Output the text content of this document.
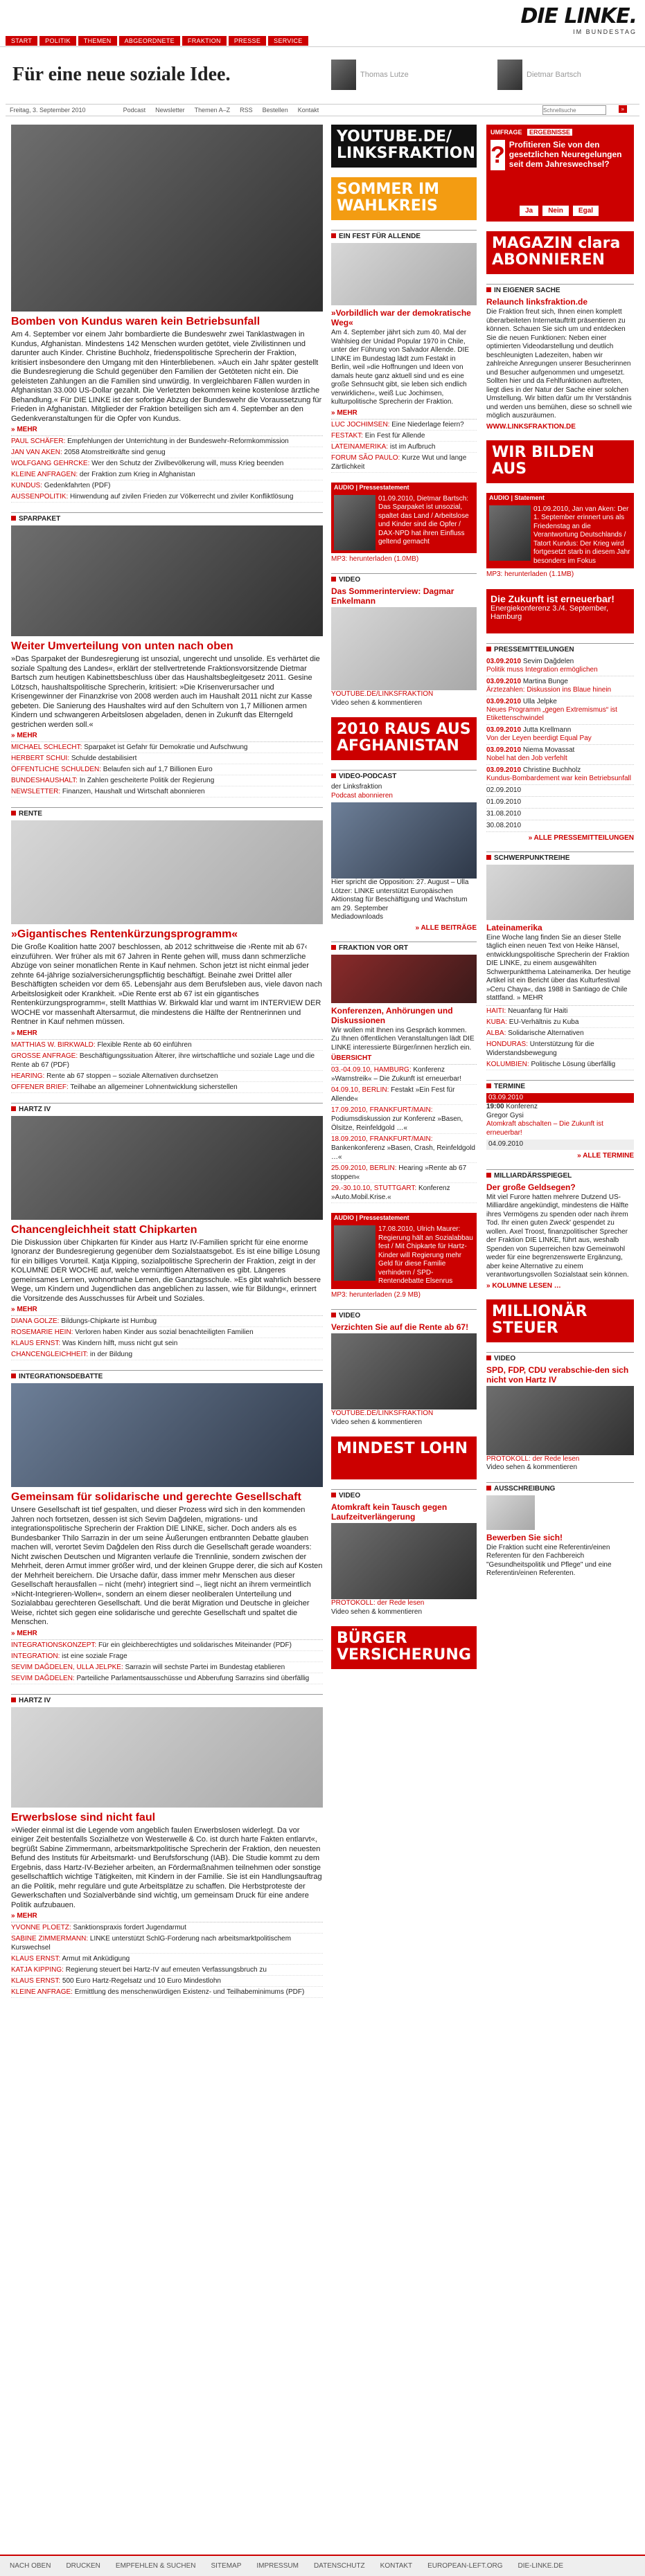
START	POLITIK	THEMEN	ABGEORDNETE	FRAKTION	PRESSE	SERVICE
DIE LINKE.
IM BUNDESTAG
Für eine neue soziale Idee.	Thomas Lutze	Dietmar Bartsch
Freitag, 3. September 2010	Podcast Newsletter Themen A–Z RSS Bestellen Kontakt
Schnellsuche	»
Bomben von Kundus waren kein Betriebsunfall
Am 4. September vor einem Jahr bombardierte die Bundeswehr zwei Tanklastwagen in Kundus, Afghanistan. Mindestens 142 Menschen wurden getötet, viele Zivilistinnen und darunter auch Kinder. Christine Buchholz, friedenspolitische Sprecherin der Fraktion, kritisiert insbesondere den Umgang mit den Hinterbliebenen. »Auch ein Jahr später gestellt die Bundesregierung die Schuld gegenüber den Familien der Getöteten nicht ein. Die geleisteten Zahlungen an die Familien sind unwürdig. In vergleichbaren Fällen wurden in Afghanistan 33.000 US-Dollar gezahlt. Die Verletzten bekommen keine kostenlose ärztliche Behandlung.« Für DIE LINKE ist der sofortige Abzug der Bundeswehr die Voraussetzung für Frieden in Afghanistan. Mitglieder der Fraktion beteiligen sich am 4. September an den Gedenkveranstaltungen für die Opfer von Kundus.
» MEHR
PAUL SCHÄFER: Empfehlungen der Unterrichtung in der Bundeswehr-Reformkommission
JAN VAN AKEN: 2058 Atomstreitkräfte sind genug
WOLFGANG GEHRCKE: Wer den Schutz der Zivilbevölkerung will, muss Krieg beenden
KLEINE ANFRAGEN: der Fraktion zum Krieg in Afghanistan
KUNDUS: Gedenkfahrten (PDF)
AUSSENPOLITIK: Hinwendung auf zivilen Frieden zur Völkerrecht und ziviler Konfliktlösung
SPARPAKET
Weiter Umverteilung von unten nach oben
»Das Sparpaket der Bundesregierung ist unsozial, ungerecht und unsolide. Es verhärtet die soziale Spaltung des Landes«, erklärt der stellvertretende Fraktionsvorsitzende Dietmar Bartsch zum heutigen Kabinettsbeschluss über das Haushaltsbegleitgesetz 2011. Gesine Lötzsch, haushaltspolitische Sprecherin, kritisiert: »Die Krisenverursacher und Krisengewinner der Finanzkrise von 2008 werden auch im Haushalt 2011 nicht zur Kasse gebeten. Die Sanierung des Haushaltes wird auf den Schultern von 1,7 Millionen armen Kindern und schwangeren Arbeitslosen abgeladen, denen in Zukunft das Elterngeld gestrichen werden soll.«
» MEHR
MICHAEL SCHLECHT: Sparpaket ist Gefahr für Demokratie und Aufschwung
HERBERT SCHUI: Schulde destabilisiert
ÖFFENTLICHE SCHULDEN: Belaufen sich auf 1,7 Billionen Euro
BUNDESHAUSHALT: In Zahlen gescheiterte Politik der Regierung
NEWSLETTER: Finanzen, Haushalt und Wirtschaft abonnieren
RENTE
»Gigantisches Rentenkürzungsprogramm«
Die Große Koalition hatte 2007 beschlossen, ab 2012 schrittweise die ›Rente mit ab 67‹ einzuführen. Wer früher als mit 67 Jahren in Rente gehen will, muss dann schmerzliche Abzüge von seiner monatlichen Rente in Kauf nehmen. Schon jetzt ist nicht einmal jeder zehnte 64-jährige sozialversicherungspflichtig beschäftigt. Beinahe zwei Drittel aller Beschäftigten scheiden vor dem 65. Lebensjahr aus dem Berufsleben aus, viele davon nach Arbeitslosigkeit oder Krankheit. »Die Rente erst ab 67 ist ein gigantisches Rentenkürzungsprogramm«, stellt Matthias W. Birkwald klar und warnt im INTERVIEW DER WOCHE vor massenhaft Altersarmut, die mindestens die Hälfte der Rentnerinnen und Rentner in Kauf nehmen müssen.
» MEHR
MATTHIAS W. BIRKWALD: Flexible Rente ab 60 einführen
GROSSE ANFRAGE: Beschäftigungssituation Älterer, ihre wirtschaftliche und soziale Lage und die Rente ab 67 (PDF)
HEARING: Rente ab 67 stoppen – soziale Alternativen durchsetzen
OFFENER BRIEF: Teilhabe an allgemeiner Lohnentwicklung sicherstellen
HARTZ IV
Chancengleichheit statt Chipkarten
Die Diskussion über Chipkarten für Kinder aus Hartz IV-Familien spricht für eine enorme Ignoranz der Bundesregierung gegenüber dem Sozialstaatsgebot. Es ist eine billige Lösung für ein billiges Vorurteil. Katja Kipping, sozialpolitische Sprecherin der Fraktion, zeigt in der KOLUMNE DER WOCHE auf, welche vernünftigen Alternativen es gibt. Längeres gemeinsames Lernen, wohnortnahe Lernen, die Ganztagsschule. »Es gibt wahrlich bessere Wege, um Kindern und Jugendlichen das angeblichen zu lassen, wie für Bildung«, erinnert die Vorsitzende des Ausschusses für Arbeit und Soziales.
» MEHR
DIANA GOLZE: Bildungs-Chipkarte ist Humbug
ROSEMARIE HEIN: Verloren haben Kinder aus sozial benachteiligten Familien
KLAUS ERNST: Was Kindern hilft, muss nicht gut sein
CHANCENGLEICHHEIT: in der Bildung
INTEGRATIONSDEBATTE
Gemeinsam für solidarische und gerechte Gesellschaft
Unsere Gesellschaft ist tief gespalten, und dieser Prozess wird sich in den kommenden Jahren noch fortsetzen, dessen ist sich Sevim Dağdelen, migrations- und integrationspolitische Sprecherin der Fraktion DIE LINKE, sicher. Doch anders als es Bundesbanker Thilo Sarrazin in der um seine Äußerungen entbrannten Debatte glauben machen will, verortet Sevim Dağdelen den Riss durch die Gesellschaft gerade woanders: Nicht zwischen Deutschen und Migranten verlaufe die Trennlinie, sondern zwischen der Mehrheit, deren Armut immer größer wird, und der kleinen Gruppe derer, die sich auf Kosten der Mehrheit bereichern. Die Ursache dafür, dass immer mehr Menschen aus dieser Gesellschaft herausfallen – nicht (mehr) integriert sind –, liegt nicht an ihrem vermeintlich »Nicht-Integrieren-Wollen«, sondern an einem dieser neoliberalen Unterteilung und Sozialabbau gerechteren Gesellschaft. Und die berät Migration und Deutsche in gleicher Weise, richtet sich gegen eine solidarische und gerechte Gesellschaft und spaltet die Menschen.
» MEHR
INTEGRATIONSKONZEPT: Für ein gleichberechtigtes und solidarisches Miteinander (PDF)
INTEGRATION: ist eine soziale Frage
SEVIM DAĞDELEN, ULLA JELPKE: Sarrazin will sechste Partei im Bundestag etablieren
SEVIM DAĞDELEN: Parteiliche Parlamentsausschüsse und Abberufung Sarrazins sind überfällig
HARTZ IV
Erwerbslose sind nicht faul
»Wieder einmal ist die Legende vom angeblich faulen Erwerbslosen widerlegt. Da vor einiger Zeit bestenfalls Sozialhetze von Westerwelle & Co. ist durch harte Fakten entlarvt«, begrüßt Sabine Zimmermann, arbeitsmarktpolitische Sprecherin der Fraktion, den neuesten Befund des Instituts für Arbeitsmarkt- und Berufsforschung (IAB). Die Studie kommt zu dem Ergebnis, dass Hartz-IV-Bezieher arbeiten, an Fördermaßnahmen teilnehmen oder sonstige gesellschaftlich wichtige Tätigkeiten, mit Kindern in der Familie. Sie ist ein Handlungsauftrag an die Politik, mehr reguläre und gute Arbeitsplätze zu schaffen. Die Herbstproteste der Gewerkschaften und Sozialverbände sind wichtig, um gemeinsam Druck für eine andere Politik aufzubauen.
» MEHR
YVONNE PLOETZ: Sanktionspraxis fordert Jugendarmut
SABINE ZIMMERMANN: LINKE unterstützt SchlG-Forderung nach arbeitsmarktpolitischem Kurswechsel
KLAUS ERNST: Armut mit Anküdigung
KATJA KIPPING: Regierung steuert bei Hartz-IV auf erneuten Verfassungsbruch zu
KLAUS ERNST: 500 Euro Hartz-Regelsatz und 10 Euro Mindestlohn
KLEINE ANFRAGE: Ermittlung des menschenwürdigen Existenz- und Teilhabeminimums (PDF)
YOUTUBE.DE/ LINKSFRAKTION
SOMMER IM WAHLKREIS
EIN FEST FÜR ALLENDE
»Vorbildlich war der demokratische Weg«
Am 4. September jährt sich zum 40. Mal der Wahlsieg der Unidad Popular 1970 in Chile, unter der Führung von Salvador Allende. DIE LINKE im Bundestag lädt zum Festakt in Berlin, weil »die Hoffnungen und Ideen von damals heute ganz aktuell sind und es eine große Sehnsucht gibt, sie leben sich endlich verwirklichen«, weiß Luc Jochimsen, kulturpolitische Sprecherin der Fraktion.
» MEHR
LUC JOCHIMSEN: Eine Niederlage feiern?
FESTAKT: Ein Fest für Allende
LATEINAMERIKA: ist im Aufbruch
FORUM SÃO PAULO: Kurze Wut und lange Zärtlichkeit
AUDIO | Pressestatement
01.09.2010, Dietmar Bartsch: Das Sparpaket ist unsozial, spaltet das Land / Arbeitslose und Kinder sind die Opfer / DAX-NPD hat ihren Einfluss geltend gemacht
MP3: herunterladen (1.0MB)
VIDEO
Das Sommerinterview: Dagmar Enkelmann
YOUTUBE.DE/LINKSFRAKTION
Video sehen & kommentieren
2010 RAUS AUS AFGHANISTAN
VIDEO-PODCAST
der Linksfraktion
Podcast abonnieren
Hier spricht die Opposition: 27. August – Ulla Lötzer: LINKE unterstützt Europäischen Aktionstag für Beschäftigung und Wachstum am 29. September
Mediadownloads
» ALLE BEITRÄGE
FRAKTION VOR ORT
Konferenzen, Anhörungen und Diskussionen
Wir wollen mit Ihnen ins Gespräch kommen. Zu Ihnen öffentlichen Veranstaltungen lädt DIE LINKE interessierte Bürger/innen herzlich ein.
ÜBERSICHT
03.-04.09.10, HAMBURG: Konferenz »Warnstreik« – Die Zukunft ist erneuerbar!
04.09.10, BERLIN: Festakt »Ein Fest für Allende«
17.09.2010, FRANKFURT/MAIN: Podiumsdiskussion zur Konferenz »Basen, Ölsitze, Reinfeldgold …«
18.09.2010, FRANKFURT/MAIN: Bankenkonferenz »Basen, Crash, Reinfeldgold …«
25.09.2010, BERLIN: Hearing »Rente ab 67 stoppen«
29.-30.10.10, STUTTGART: Konferenz »Auto.Mobil.Krise.«
AUDIO | Pressestatement
17.08.2010, Ulrich Maurer: Regierung hält an Sozialabbau fest / Mit Chipkarte für Hartz-Kinder will Regierung mehr Geld für diese Familie verhindern / SPD-Rentendebatte Elsenrus
MP3: herunterladen (2.9 MB)
VIDEO
Verzichten Sie auf die Rente ab 67!
YOUTUBE.DE/LINKSFRAKTION
Video sehen & kommentieren
MINDEST LOHN
VIDEO
Atomkraft kein Tausch gegen Laufzeitverlängerung
PROTOKOLL: der Rede lesen
Video sehen & kommentieren
BÜRGER VERSICHERUNG
UMFRAGE ERGEBNISSE
? Profitieren Sie von den gesetzlichen Neuregelungen seit dem Jahreswechsel?
Ja Nein Egal
MAGAZIN clara ABONNIEREN
IN EIGENER SACHE
Relaunch linksfraktion.de
Die Fraktion freut sich, Ihnen einen komplett überarbeiteten Internetauftritt präsentieren zu können. Schauen Sie sich um und entdecken Sie die neuen Funktionen: Neben einer optimierten Videodarstellung und deutlich beschleunigten Ladezeiten, haben wir zahlreiche Anregungen unserer Besucherinnen und Besucher aufgenommen und umgesetzt. Sollten hier und da Fehlfunktionen auftreten, liegt dies in der Natur der Sache einer solchen Umstellung. Wir bitten dafür um Ihr Verständnis und werden uns bemühen, diese so schnell wie möglich auszuräumen.
WWW.LINKSFRAKTION.DE
WIR BILDEN AUS
AUDIO | Statement
01.09.2010, Jan van Aken: Der 1. September erinnert uns als Friedenstag an die Verantwortung Deutschlands / Tatort Kundus: Der Krieg wird fortgesetzt starb in diesem Jahr besonders im Fokus
MP3: herunterladen (1.1MB)
Die Zukunft ist erneuerbar!
Energiekonferenz 3./4. September, Hamburg
PRESSEMITTEILUNGEN
03.09.2010 Sevim Dağdelen
Politik muss Integration ermöglichen
03.09.2010 Martina Bunge
Ärztezahlen: Diskussion ins Blaue hinein
03.09.2010 Ulla Jelpke
Neues Programm „gegen Extremismus“ ist Etikettenschwindel
03.09.2010 Jutta Krellmann
Von der Leyen beerdigt Equal Pay
03.09.2010 Niema Movassat
Nobel hat den Job verfehlt
03.09.2010 Christine Buchholz
Kundus-Bombardement war kein Betriebsunfall
02.09.2010
01.09.2010
31.08.2010
30.08.2010
» ALLE PRESSEMITTEILUNGEN
SCHWERPUNKTREIHE
Lateinamerika
Eine Woche lang finden Sie an dieser Stelle täglich einen neuen Text von Heike Hänsel, entwicklungspolitische Sprecherin der Fraktion DIE LINKE, zu einem ausgewählten Schwerpunktthema Lateinamerika. Der heutige Artikel ist ein Bericht über das Kulturfestival »Ceru Chaya«, das 1988 in Santiago de Chile stattfand. » MEHR
HAITI: Neuanfang für Haiti
KUBA: EU-Verhältnis zu Kuba
ALBA: Solidarische Alternativen
HONDURAS: Unterstützung für die Widerstandsbewegung
KOLUMBIEN: Politische Lösung überfällig
TERMINE
03.09.2010
19:00 Konferenz
Gregor Gysi
Atomkraft abschalten – Die Zukunft ist erneuerbar!
04.09.2010
» ALLE TERMINE
MILLIARDÄRSSPIEGEL
Der große Geldsegen?
Mit viel Furore hatten mehrere Dutzend US-Milliardäre angekündigt, mindestens die Hälfte ihres Vermögens zu spenden oder nach ihrem Tod. Ihr einen guten Zweck' gespendet zu wollen. Axel Troost, finanzpolitischer Sprecher der Fraktion DIE LINKE, führt aus, weshalb Spenden von Superreichen bzw Gemeinwohl weder für eine begrenzenswerte Ergänzung, aber keine Alternative zu einem verantwortungsvollen Sozialstaat sein können.
» KOLUMNE LESEN …
MILLIONÄR STEUER
VIDEO
SPD, FDP, CDU verabschie-den sich nicht von Hartz IV
PROTOKOLL: der Rede lesen
Video sehen & kommentieren
AUSSCHREIBUNG
Bewerben Sie sich!
Die Fraktion sucht eine Referentin/einen Referenten für den Fachbereich "Gesundheitspolitik und Pflege" und eine Referentin/einen Referenten.
NACH OBEN DRUCKEN EMPFEHLEN & SUCHEN SITEMAP IMPRESSUM DATENSCHUTZ KONTAKT EUROPEAN-LEFT.ORG DIE-LINKE.DE
